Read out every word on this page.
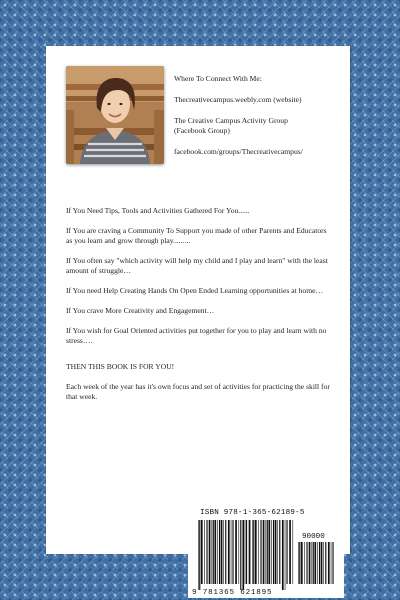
Where To Connect With Me:

Thecreativecampus.weebly.com (website)

The Creative Campus Activity Group

(Facebook Group)

facebook.com/groups/Thecreativecampus/

If You Need Tips, Tools and Activities Gathered For You......

If You are craving a Community To Support you made of other Parents and Educators as you learn and grow through play.........

If You often say "which activity will help my child and I play and learn" with the least amount of struggle…

If You need Help Creating Hands On Open Ended Learning opportunities at home…

If You crave More Creativity and Engagement…

If You wish for Goal Oriented activities put together for you to play and learn with no stress….

THEN THIS BOOK IS FOR YOU!

Each week of the year has it's own focus and set of activities for practicing the skill for that week.

ISBN 978-1-365-62189-5
90000
9 781365 621895
